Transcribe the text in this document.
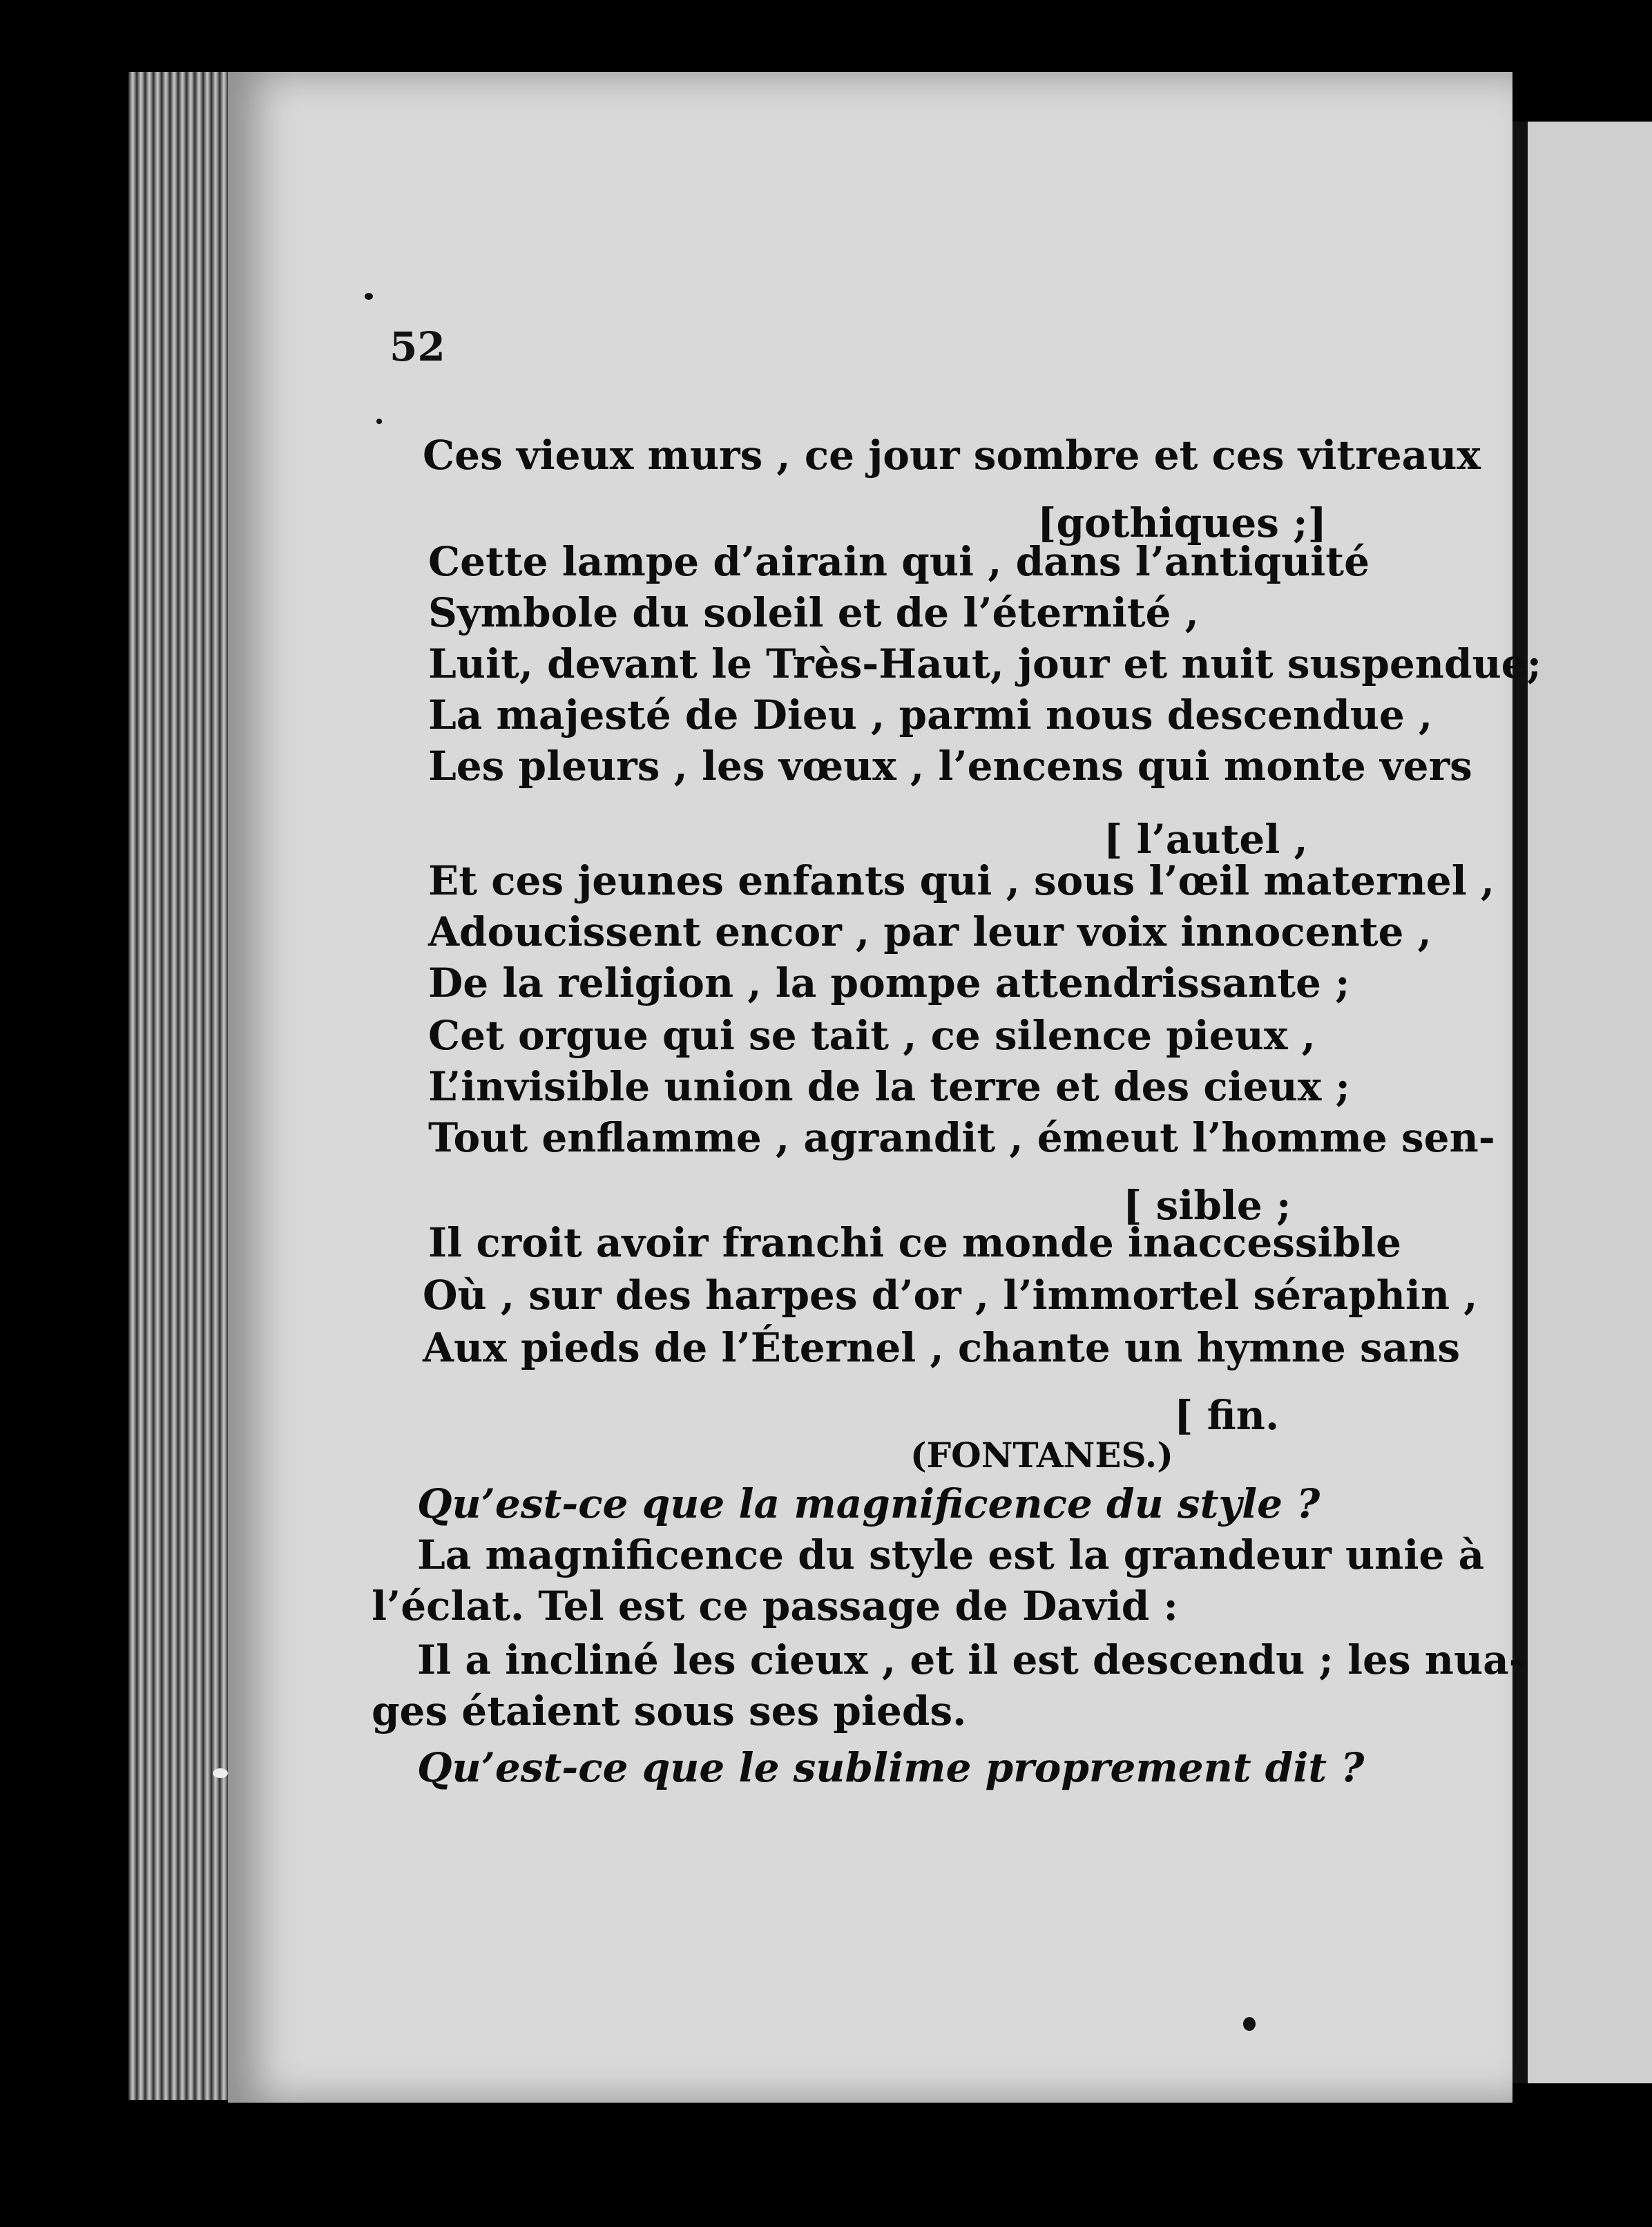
52
Ces vieux murs , ce jour sombre et ces vitreaux
[gothiques ;]
Cette lampe d’airain qui , dans l’antiquité
Symbole du soleil et de l’éternité ,
Luit, devant le Très-Haut, jour et nuit suspendue;
La majesté de Dieu , parmi nous descendue ,
Les pleurs , les vœux , l’encens qui monte vers
[ l’autel ,
Et ces jeunes enfants qui , sous l’œil maternel ,
Adoucissent encor , par leur voix innocente ,
De la religion , la pompe attendrissante ;
Cet orgue qui se tait , ce silence pieux ,
L’invisible union de la terre et des cieux ;
Tout enflamme , agrandit , émeut l’homme sen-
[ sible ;
Il croit avoir franchi ce monde inaccessible
Où , sur des harpes d’or , l’immortel séraphin ,
Aux pieds de l’Éternel , chante un hymne sans
[ fin.
(FONTANES.)
Qu’est-ce que la magnificence du style ?
La magnificence du style est la grandeur unie à
l’éclat. Tel est ce passage de David :
Il a incliné les cieux , et il est descendu ; les nua-
ges étaient sous ses pieds.
Qu’est-ce que le sublime proprement dit ?
